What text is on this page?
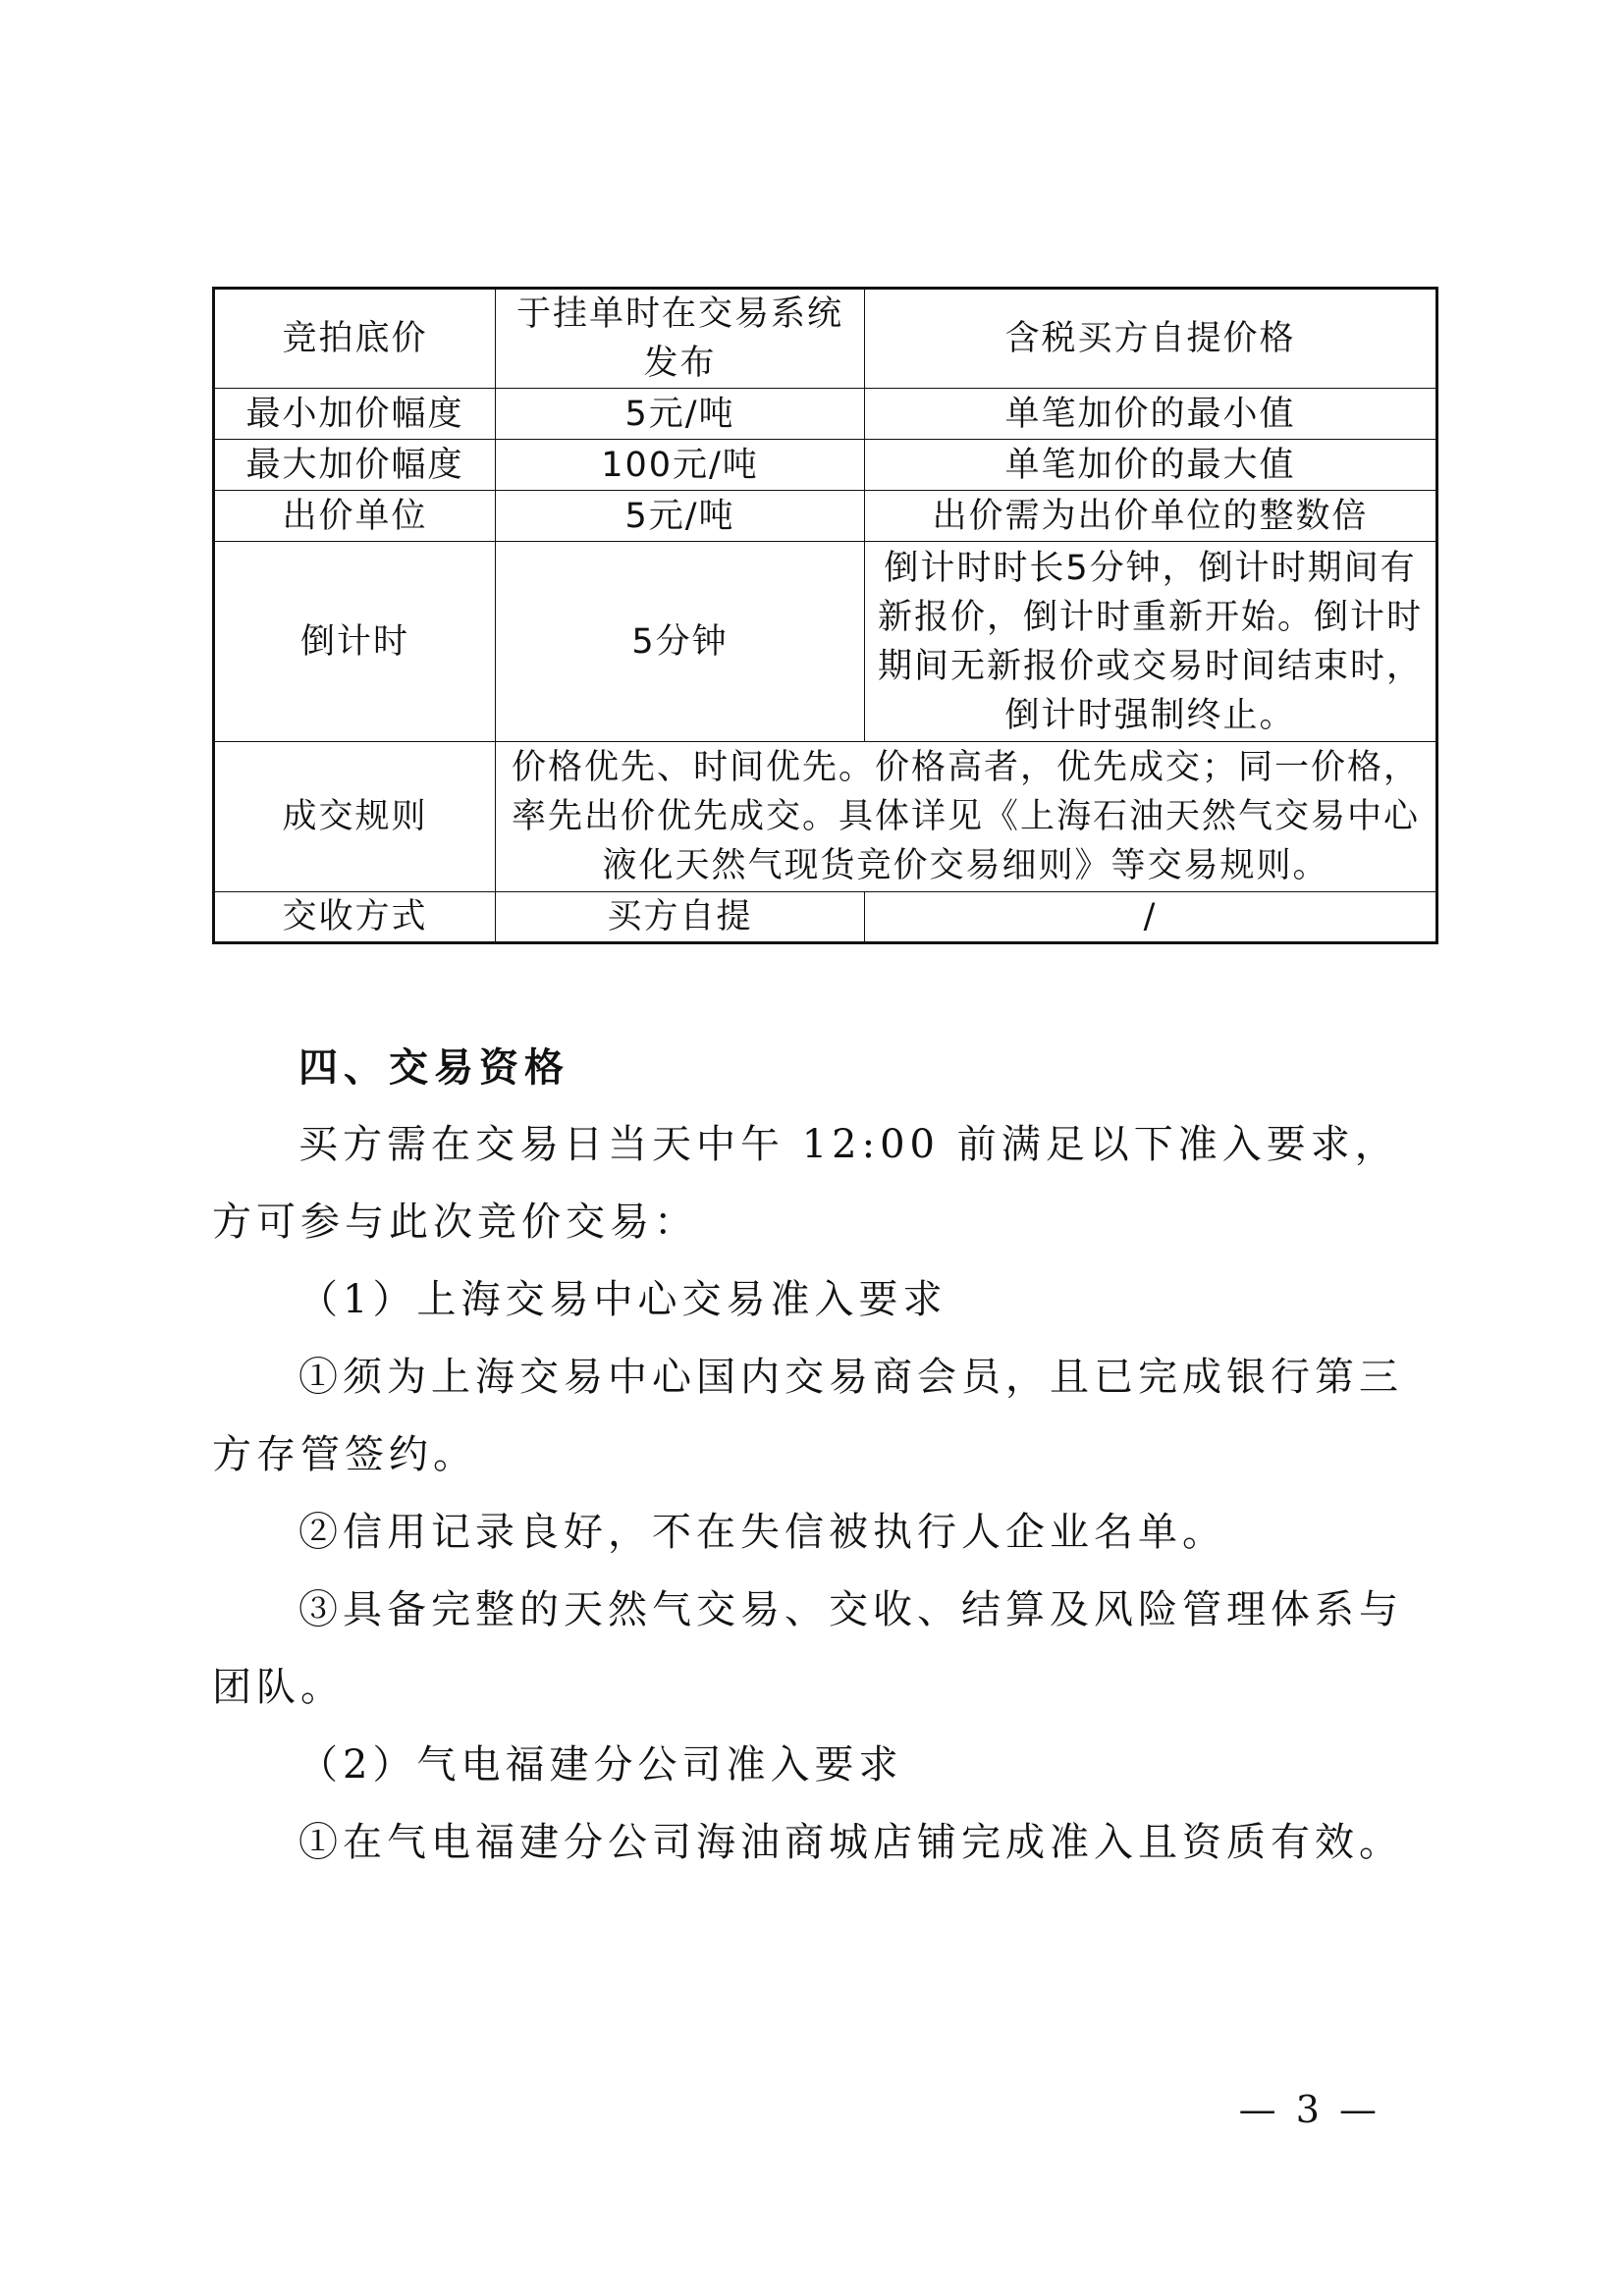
竞拍底价	于挂单时在交易系统发布	含税买方自提价格
最小加价幅度	5元/吨	单笔加价的最小值
最大加价幅度	100元/吨	单笔加价的最大值
出价单位	5元/吨	出价需为出价单位的整数倍
倒计时	5分钟	倒计时时长5分钟，倒计时期间有新报价，倒计时重新开始。倒计时期间无新报价或交易时间结束时，倒计时强制终止。
成交规则	价格优先、时间优先。价格高者，优先成交；同一价格，率先出价优先成交。具体详见《上海石油天然气交易中心液化天然气现货竞价交易细则》等交易规则。	
交收方式	买方自提	/

四、交易资格

买方需在交易日当天中午 12:00 前满足以下准入要求，方可参与此次竞价交易：

（1）上海交易中心交易准入要求

①须为上海交易中心国内交易商会员，且已完成银行第三方存管签约。

②信用记录良好，不在失信被执行人企业名单。

③具备完整的天然气交易、交收、结算及风险管理体系与团队。

（2）气电福建分公司准入要求

①在气电福建分公司海油商城店铺完成准入且资质有效。

— 3 —
